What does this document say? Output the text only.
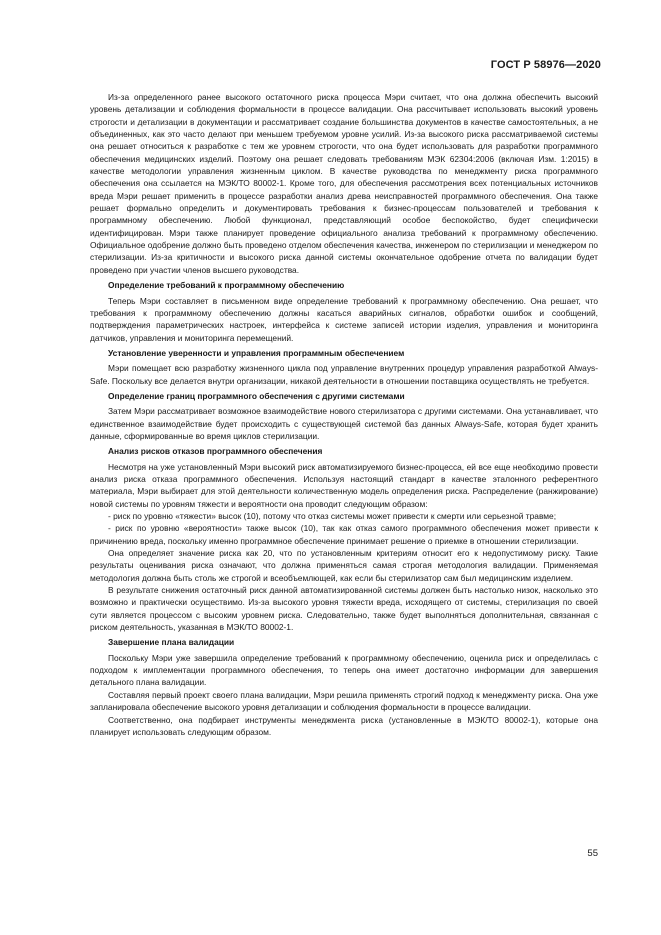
ГОСТ Р 58976—2020

Из-за определенного ранее высокого остаточного риска процесса Мэри считает, что она должна обеспечить высокий уровень детализации и соблюдения формальности в процессе валидации. Она рассчитывает использовать высокий уровень строгости и детализации в документации и рассматривает создание большинства документов в качестве самостоятельных, а не объединенных, как это часто делают при меньшем требуемом уровне усилий. Из-за высокого риска рассматриваемой системы она решает относиться к разработке с тем же уровнем строгости, что она будет использовать для разработки программного обеспечения медицинских изделий. Поэтому она решает следовать требованиям МЭК 62304:2006 (включая Изм. 1:2015) в качестве методологии управления жизненным циклом. В качестве руководства по менеджменту риска программного обеспечения она ссылается на МЭК/ТО 80002-1. Кроме того, для обеспечения рассмотрения всех потенциальных источников вреда Мэри решает применить в процессе разработки анализ древа неисправностей программного обеспечения. Она также решает формально определить и документировать требования к бизнес-процессам пользователей и требования к программному обеспечению. Любой функционал, представляющий особое беспокойство, будет специфически идентифицирован. Мэри также планирует проведение официального анализа требований к программному обеспечению. Официальное одобрение должно быть проведено отделом обеспечения качества, инженером по стерилизации и менеджером по стерилизации. Из-за критичности и высокого риска данной системы окончательное одобрение отчета по валидации будет проведено при участии членов высшего руководства.

Определение требований к программному обеспечению

Теперь Мэри составляет в письменном виде определение требований к программному обеспечению. Она решает, что требования к программному обеспечению должны касаться аварийных сигналов, обработки ошибок и сообщений, подтверждения параметрических настроек, интерфейса к системе записей истории изделия, управления и мониторинга датчиков, управления и мониторинга перемещений.

Установление уверенности и управления программным обеспечением

Мэри помещает всю разработку жизненного цикла под управление внутренних процедур управления разработкой Always-Safe. Поскольку все делается внутри организации, никакой деятельности в отношении поставщика осуществлять не требуется.

Определение границ программного обеспечения с другими системами

Затем Мэри рассматривает возможное взаимодействие нового стерилизатора с другими системами. Она устанавливает, что единственное взаимодействие будет происходить с существующей системой баз данных Always-Safe, которая будет хранить данные, сформированные во время циклов стерилизации.

Анализ рисков отказов программного обеспечения

Несмотря на уже установленный Мэри высокий риск автоматизируемого бизнес-процесса, ей все еще необходимо провести анализ риска отказа программного обеспечения. Используя настоящий стандарт в качестве эталонного референтного материала, Мэри выбирает для этой деятельности количественную модель определения риска. Распределение (ранжирование) новой системы по уровням тяжести и вероятности она проводит следующим образом:

- риск по уровню «тяжести» высок (10), потому что отказ системы может привести к смерти или серьезной травме;

- риск по уровню «вероятности» также высок (10), так как отказ самого программного обеспечения может привести к причинению вреда, поскольку именно программное обеспечение принимает решение о приемке в отношении стерилизации.

Она определяет значение риска как 20, что по установленным критериям относит его к недопустимому риску. Такие результаты оценивания риска означают, что должна применяться самая строгая методология валидации. Применяемая методология должна быть столь же строгой и всеобъемлющей, как если бы стерилизатор сам был медицинским изделием.

В результате снижения остаточный риск данной автоматизированной системы должен быть настолько низок, насколько это возможно и практически осуществимо. Из-за высокого уровня тяжести вреда, исходящего от системы, стерилизация по своей сути является процессом с высоким уровнем риска. Следовательно, также будет выполняться дополнительная, связанная с риском деятельность, указанная в МЭК/ТО 80002-1.

Завершение плана валидации

Поскольку Мэри уже завершила определение требований к программному обеспечению, оценила риск и определилась с подходом к имплементации программного обеспечения, то теперь она имеет достаточно информации для завершения детального плана валидации.

Составляя первый проект своего плана валидации, Мэри решила применять строгий подход к менеджменту риска. Она уже запланировала обеспечение высокого уровня детализации и соблюдения формальности в процессе валидации.

Соответственно, она подбирает инструменты менеджмента риска (установленные в МЭК/ТО 80002-1), которые она планирует использовать следующим образом.

55
